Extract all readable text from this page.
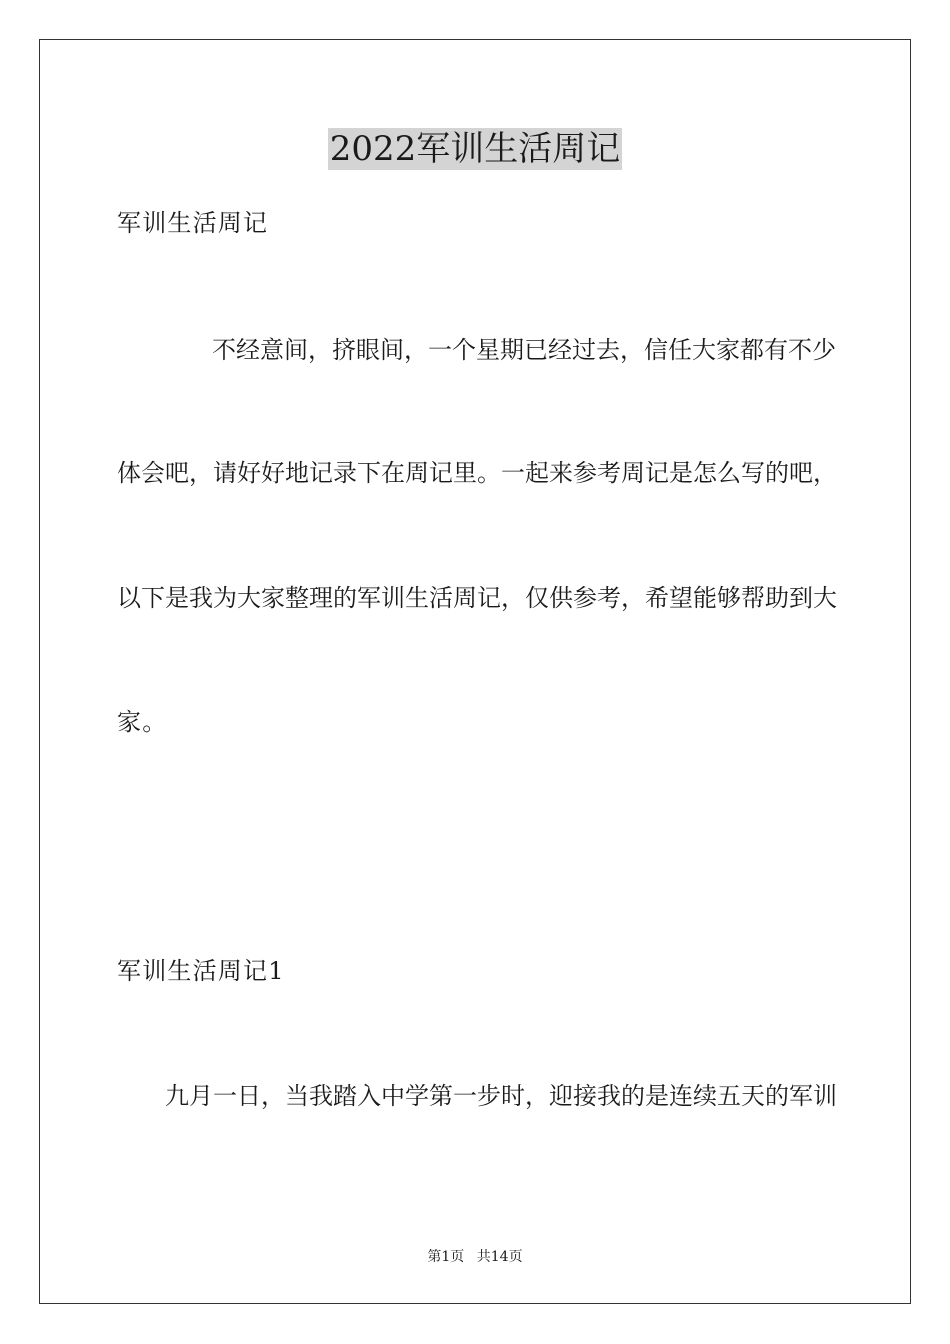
2022军训生活周记
军训生活周记
不经意间，挤眼间，一个星期已经过去，信任大家都有不少
体会吧，请好好地记录下在周记里。一起来参考周记是怎么写的吧，
以下是我为大家整理的军训生活周记，仅供参考，希望能够帮助到大
家。
军训生活周记1
九月一日，当我踏入中学第一步时，迎接我的是连续五天的军训
第1页 共14页
